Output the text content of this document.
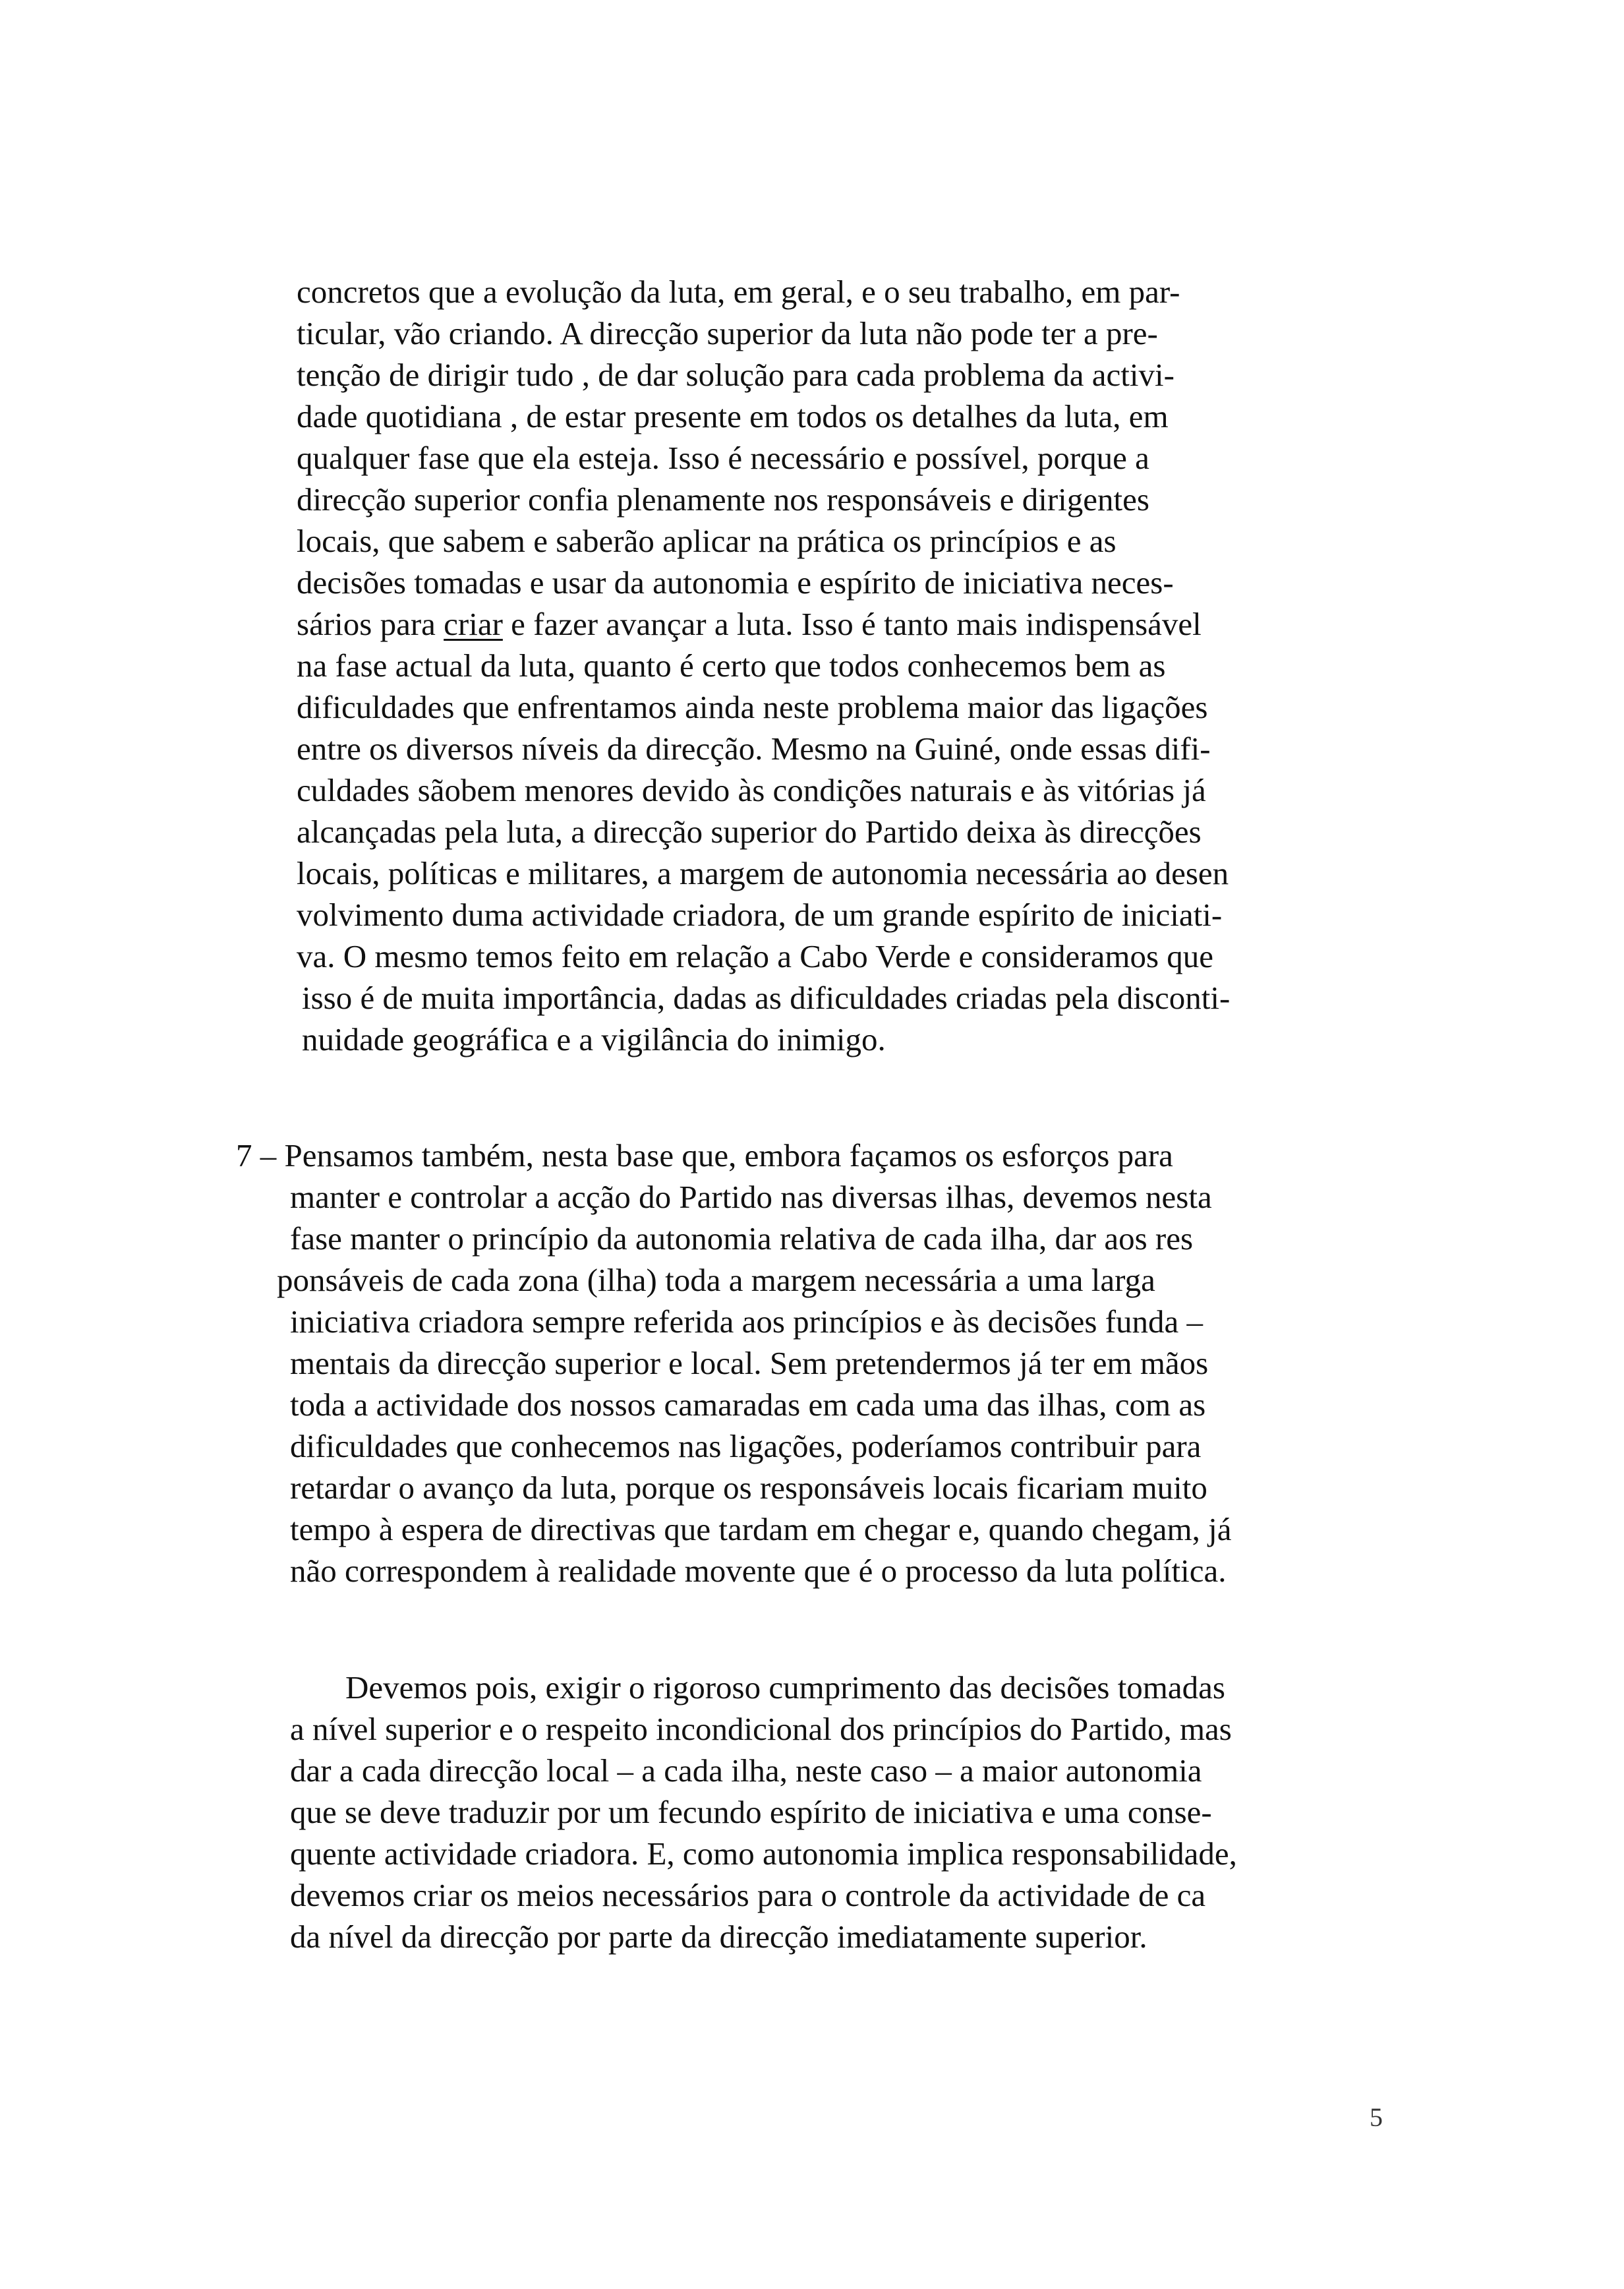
concretos que a evolução da luta, em geral, e o seu trabalho, em par-
ticular, vão criando. A direcção superior da luta não pode ter a pre-
tenção de dirigir tudo , de dar solução para cada problema da activi-
dade quotidiana , de estar presente em todos os detalhes da luta, em
qualquer fase que ela esteja. Isso é necessário e possível, porque a
direcção superior confia plenamente nos responsáveis e dirigentes
locais, que sabem e saberão aplicar na prática os princípios e as
decisões tomadas e usar da autonomia e espírito de iniciativa neces-
sários para criar e fazer avançar a luta. Isso é tanto mais indispensável
na fase actual da luta, quanto é certo que todos conhecemos bem as
dificuldades que enfrentamos ainda neste problema maior das ligações
entre os diversos níveis da direcção. Mesmo na Guiné, onde essas difi-
culdades sãobem menores devido às condições naturais e às vitórias já
alcançadas pela luta, a direcção superior do Partido deixa às direcções
locais, políticas e militares, a margem de autonomia necessária ao desen
volvimento duma actividade criadora, de um grande espírito de iniciati-
va. O mesmo temos feito em relação a Cabo Verde e consideramos que
isso é de muita importância, dadas as dificuldades criadas pela disconti-
nuidade geográfica e a vigilância do inimigo.
7 – Pensamos também, nesta base que, embora façamos os esforços para
manter e controlar a acção do Partido nas diversas ilhas, devemos nesta
fase manter o princípio da autonomia relativa de cada ilha, dar aos res
ponsáveis de cada zona (ilha) toda a margem necessária a uma larga
iniciativa criadora sempre referida aos princípios e às decisões funda –
mentais da direcção superior e local. Sem pretendermos já ter em mãos
toda a actividade dos nossos camaradas em cada uma das ilhas, com as
dificuldades que conhecemos nas ligações, poderíamos contribuir para
retardar o avanço da luta, porque os responsáveis locais ficariam muito
tempo à espera de directivas que tardam em chegar e, quando chegam, já
não correspondem à realidade movente que é o processo da luta política.
Devemos pois, exigir o rigoroso cumprimento das decisões tomadas
a nível superior e o respeito incondicional dos princípios do Partido, mas
dar a cada direcção local – a cada ilha, neste caso – a maior autonomia
que se deve traduzir por um fecundo espírito de iniciativa e uma conse-
quente actividade criadora. E, como autonomia implica responsabilidade,
devemos criar os meios necessários para o controle da actividade de ca
da nível da direcção por parte da direcção imediatamente superior.
5
